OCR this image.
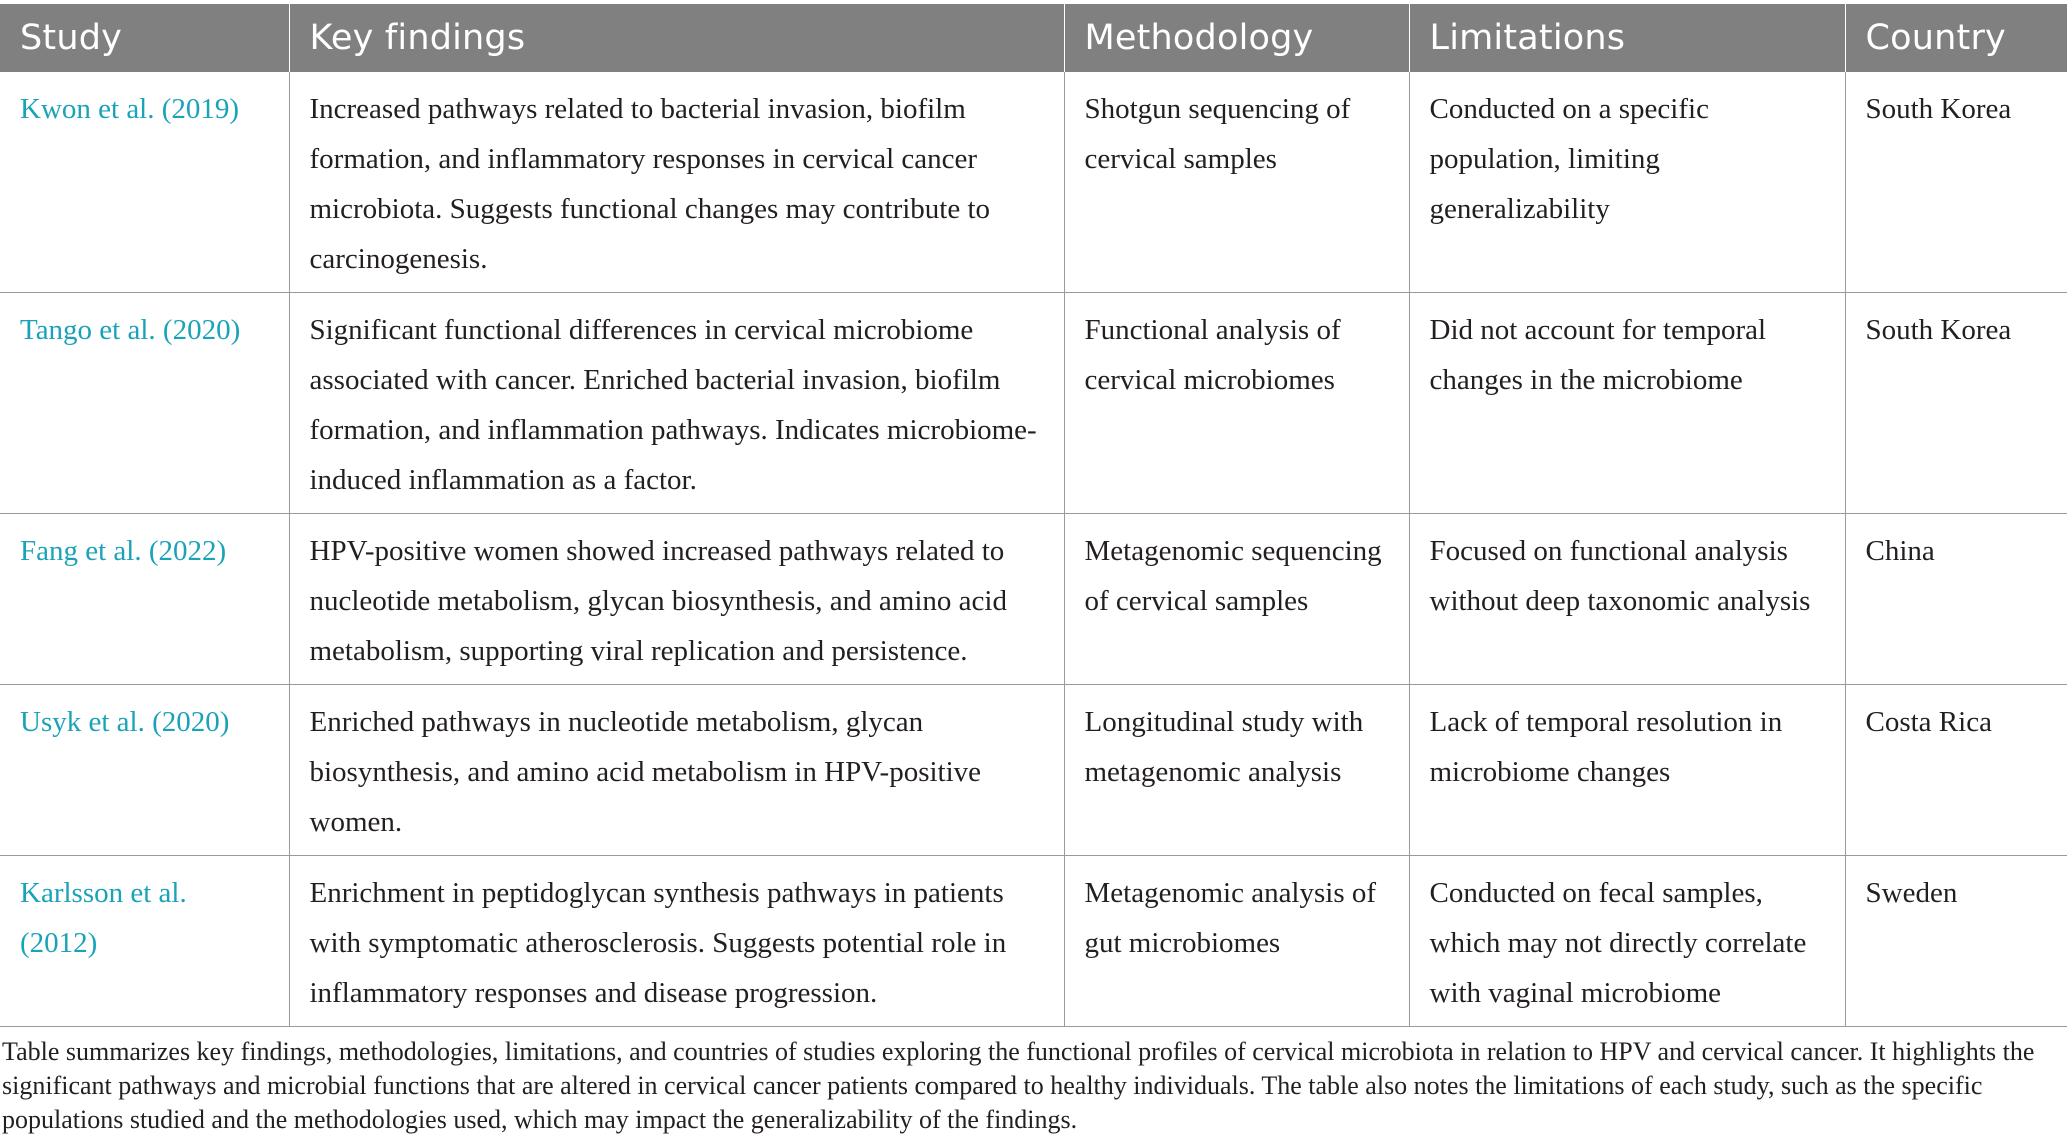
Study	Key findings	Methodology	Limitations	Country
Kwon et al. (2019)	Increased pathways related to bacterial invasion, biofilm formation, and inflammatory responses in cervical cancer microbiota. Suggests functional changes may contribute to carcinogenesis.	Shotgun sequencing of cervical samples	Conducted on a specific population, limiting generalizability	South Korea
Tango et al. (2020)	Significant functional differences in cervical microbiome associated with cancer. Enriched bacterial invasion, biofilm formation, and inflammation pathways. Indicates microbiome-induced inflammation as a factor.	Functional analysis of cervical microbiomes	Did not account for temporal changes in the microbiome	South Korea
Fang et al. (2022)	HPV-positive women showed increased pathways related to nucleotide metabolism, glycan biosynthesis, and amino acid metabolism, supporting viral replication and persistence.	Metagenomic sequencing of cervical samples	Focused on functional analysis without deep taxonomic analysis	China
Usyk et al. (2020)	Enriched pathways in nucleotide metabolism, glycan biosynthesis, and amino acid metabolism in HPV-positive women.	Longitudinal study with metagenomic analysis	Lack of temporal resolution in microbiome changes	Costa Rica
Karlsson et al. (2012)	Enrichment in peptidoglycan synthesis pathways in patients with symptomatic atherosclerosis. Suggests potential role in inflammatory responses and disease progression.	Metagenomic analysis of gut microbiomes	Conducted on fecal samples, which may not directly correlate with vaginal microbiome	Sweden
Table summarizes key findings, methodologies, limitations, and countries of studies exploring the functional profiles of cervical microbiota in relation to HPV and cervical cancer. It highlights the significant pathways and microbial functions that are altered in cervical cancer patients compared to healthy individuals. The table also notes the limitations of each study, such as the specific populations studied and the methodologies used, which may impact the generalizability of the findings.
